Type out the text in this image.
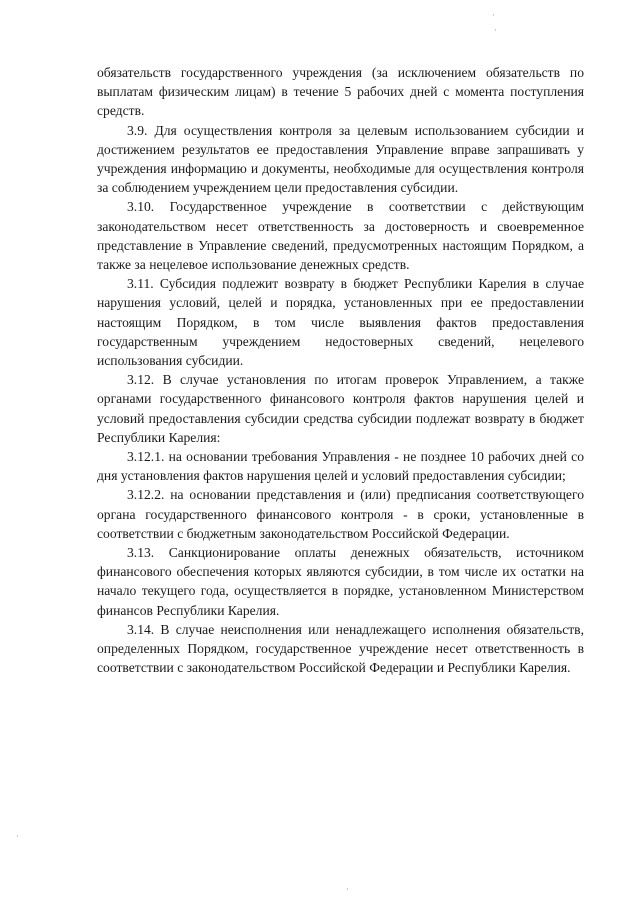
обязательств государственного учреждения (за исключением обязательств по выплатам физическим лицам) в течение 5 рабочих дней с момента поступления средств.

3.9. Для осуществления контроля за целевым использованием субсидии и достижением результатов ее предоставления Управление вправе запрашивать у учреждения информацию и документы, необходимые для осуществления контроля за соблюдением учреждением цели предоставления субсидии.

3.10. Государственное учреждение в соответствии с действующим законодательством несет ответственность за достоверность и своевременное представление в Управление сведений, предусмотренных настоящим Порядком, а также за нецелевое использование денежных средств.

3.11. Субсидия подлежит возврату в бюджет Республики Карелия в случае нарушения условий, целей и порядка, установленных при ее предоставлении настоящим Порядком, в том числе выявления фактов предоставления государственным учреждением недостоверных сведений, нецелевого использования субсидии.

3.12. В случае установления по итогам проверок Управлением, а также органами государственного финансового контроля фактов нарушения целей и условий предоставления субсидии средства субсидии подлежат возврату в бюджет Республики Карелия:

3.12.1. на основании требования Управления - не позднее 10 рабочих дней со дня установления фактов нарушения целей и условий предоставления субсидии;

3.12.2. на основании представления и (или) предписания соответствующего органа государственного финансового контроля - в сроки, установленные в соответствии с бюджетным законодательством Российской Федерации.

3.13. Санкционирование оплаты денежных обязательств, источником финансового обеспечения которых являются субсидии, в том числе их остатки на начало текущего года, осуществляется в порядке, установленном Министерством финансов Республики Карелия.

3.14. В случае неисполнения или ненадлежащего исполнения обязательств, определенных Порядком, государственное учреждение несет ответственность в соответствии с законодательством Российской Федерации и Республики Карелия.

·
·
·
·
